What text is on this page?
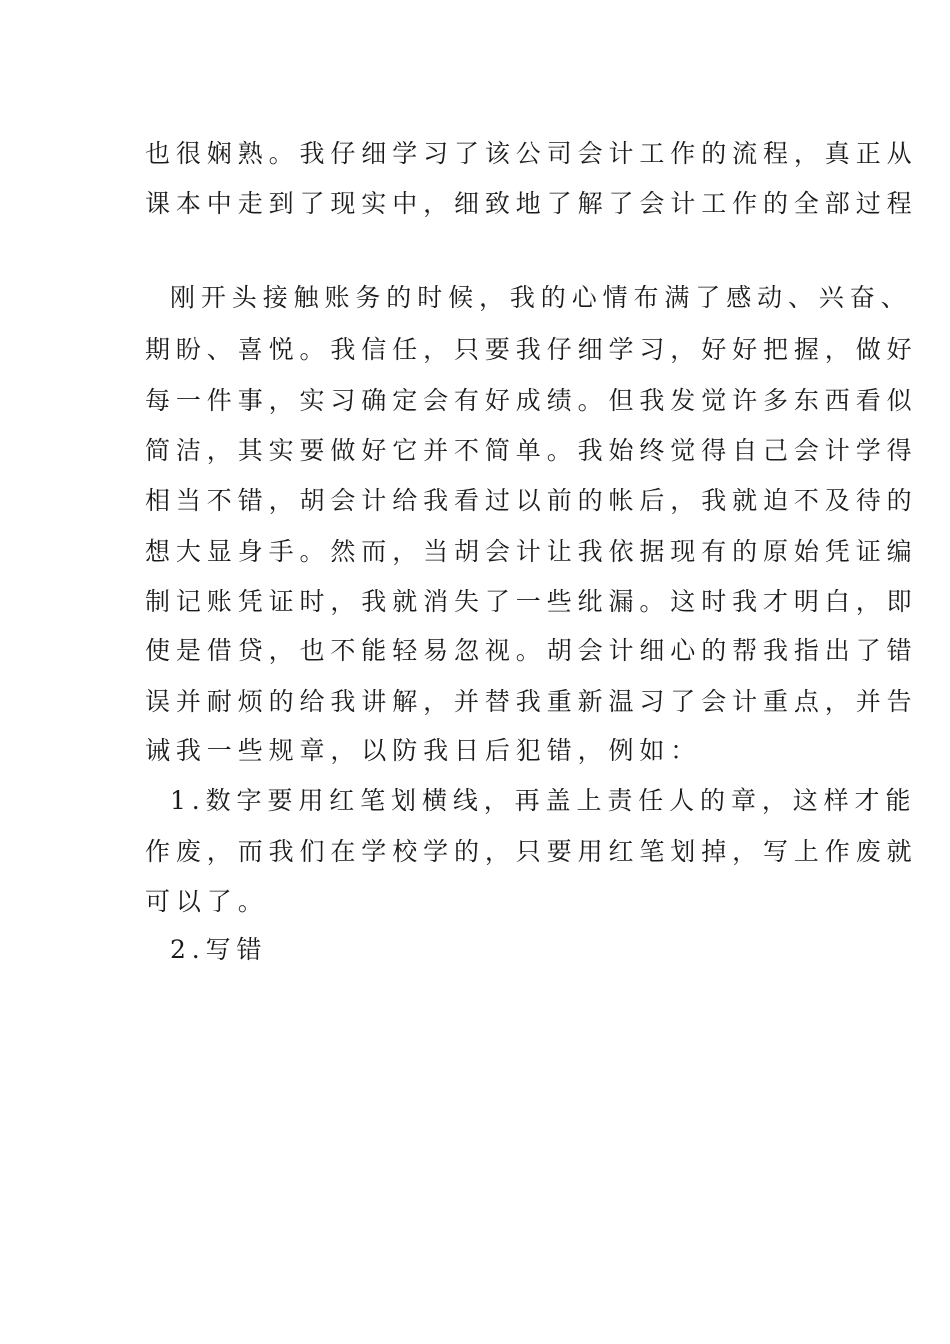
也很娴熟。我仔细学习了该公司会计工作的流程，真正从
课本中走到了现实中，细致地了解了会计工作的全部过程
刚开头接触账务的时候，我的心情布满了感动、兴奋、
期盼、喜悦。我信任，只要我仔细学习，好好把握，做好
每一件事，实习确定会有好成绩。但我发觉许多东西看似
简洁，其实要做好它并不简单。我始终觉得自己会计学得
相当不错，胡会计给我看过以前的帐后，我就迫不及待的
想大显身手。然而，当胡会计让我依据现有的原始凭证编
制记账凭证时，我就消失了一些纰漏。这时我才明白，即
使是借贷，也不能轻易忽视。胡会计细心的帮我指出了错
误并耐烦的给我讲解，并替我重新温习了会计重点，并告
诫我一些规章，以防我日后犯错，例如：
1.数字要用红笔划横线，再盖上责任人的章，这样才能
作废，而我们在学校学的，只要用红笔划掉，写上作废就
可以了。
2.写错
